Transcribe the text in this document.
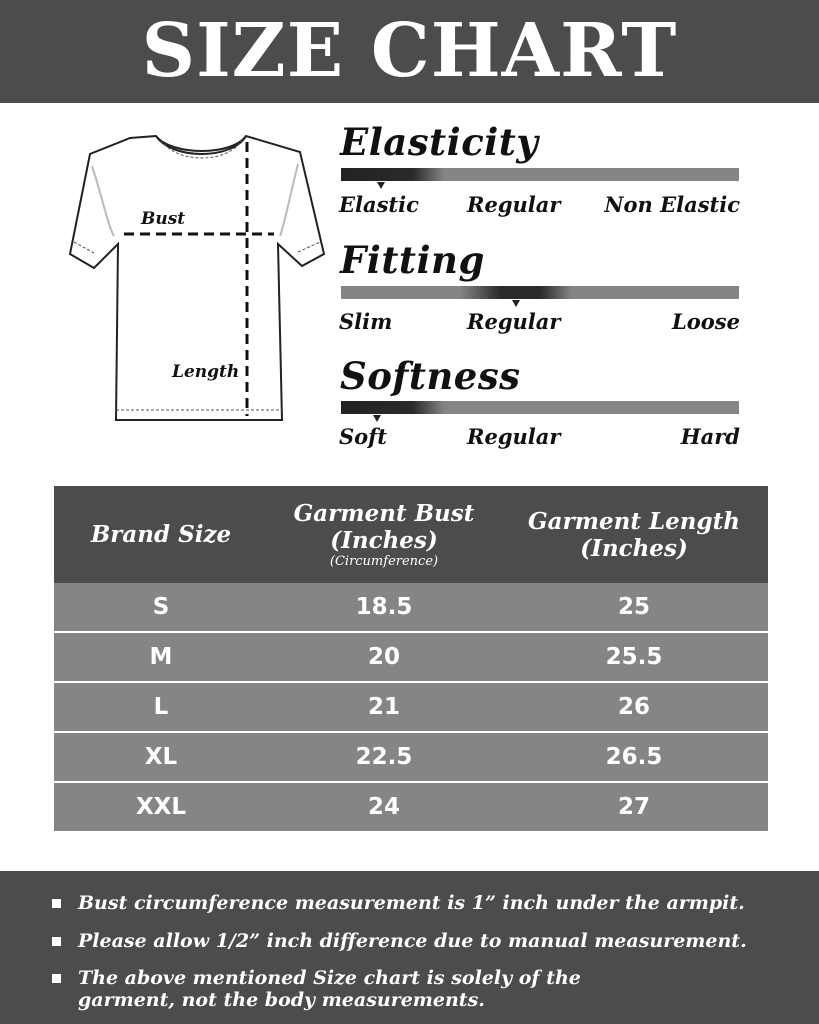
SIZE CHART
Bust
Length
Elasticity
Elastic Regular Non Elastic
Fitting
Slim	Regular	Loose
Softness
Soft	Regular	Hard
Brand Size
Garment Bust
(Inches)
(Circumference)
Garment Length
(Inches)
S	18.5	25
M	20	25.5
L	21	26
XL	22.5	26.5
XXL	24	27
Bust circumference measurement is 1” inch under the armpit.
Please allow 1/2” inch difference due to manual measurement.
The above mentioned Size chart is solely of the garment, not the body measurements.
